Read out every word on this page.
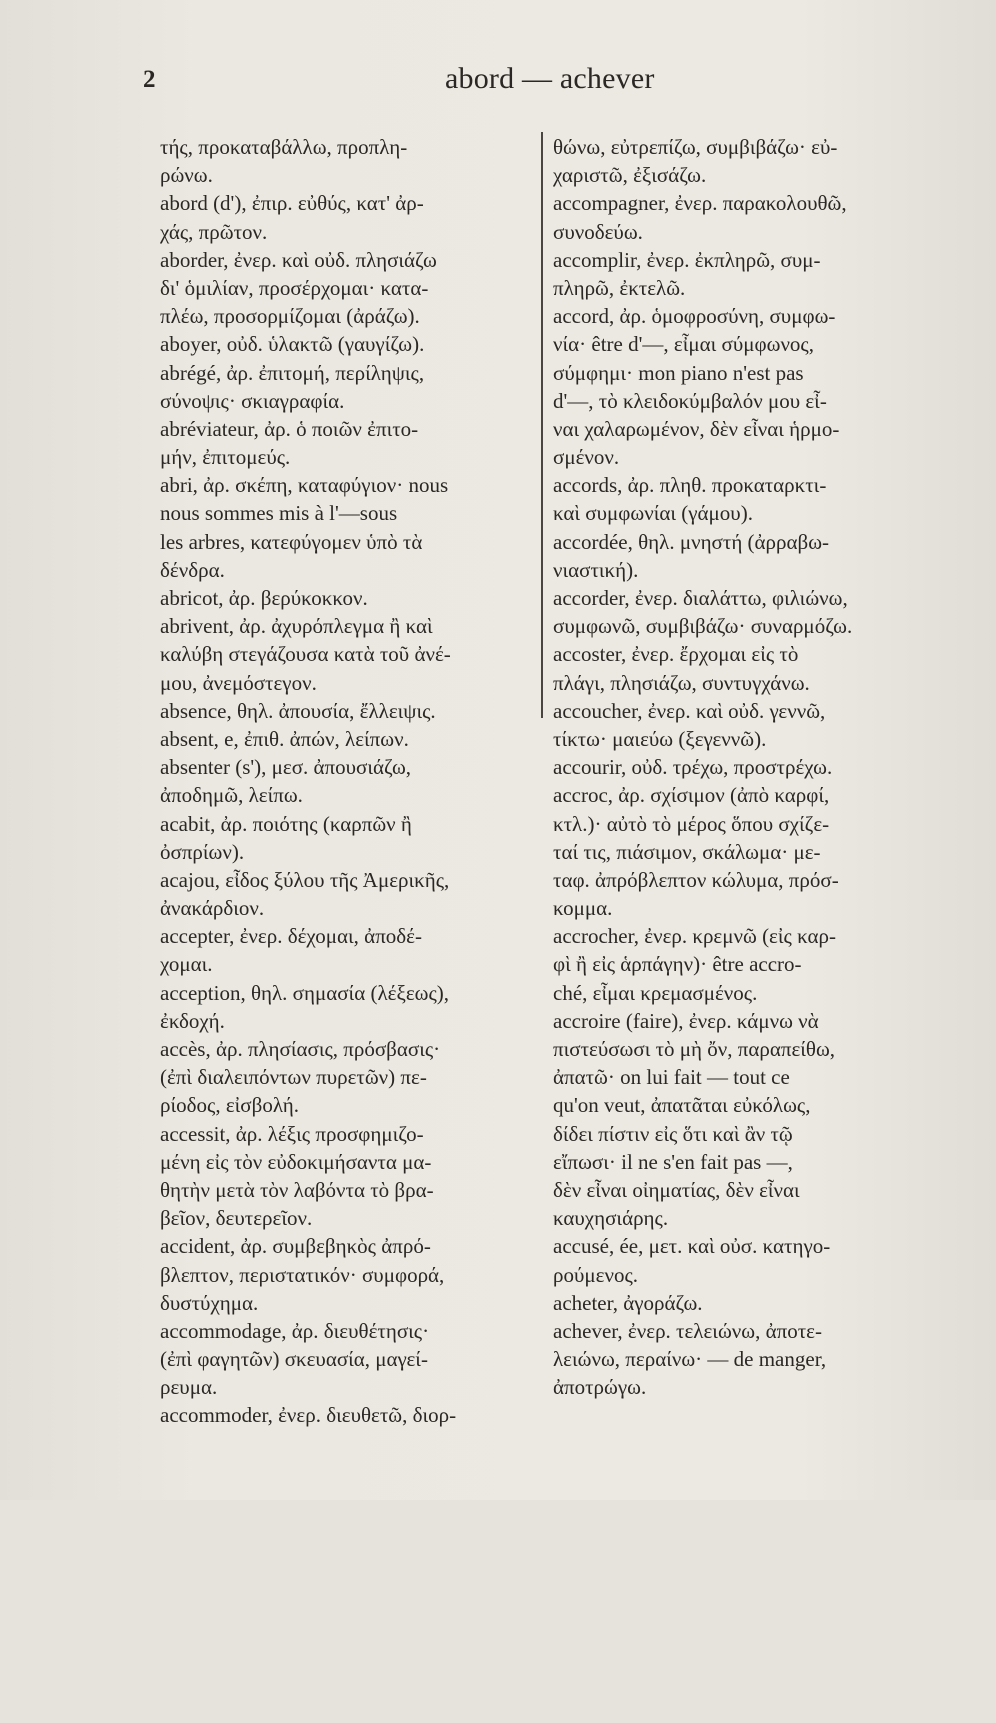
2	abord — achever
τής, προκαταβάλλω, προπλη-
ρώνω.
abord (d'), ἐπιρ. εὐθύς, κατ' ἀρ-
χάς, πρῶτον.
aborder, ἐνερ. καὶ οὐδ. πλησιάζω
δι' ὁμιλίαν, προσέρχομαι· κατα-
πλέω, προσορμίζομαι (ἀράζω).
aboyer, οὐδ. ὑλακτῶ (γαυγίζω).
abrégé, ἀρ. ἐπιτομή, περίληψις,
σύνοψις· σκιαγραφία.
abréviateur, ἀρ. ὁ ποιῶν ἐπιτο-
μήν, ἐπιτομεύς.
abri, ἀρ. σκέπη, καταφύγιον· nous
nous sommes mis à l'—sous
les arbres, κατεφύγομεν ὑπὸ τὰ
δένδρα.
abricot, ἀρ. βερύκοκκον.
abrivent, ἀρ. ἀχυρόπλεγμα ἢ καὶ
καλύβη στεγάζουσα κατὰ τοῦ ἀνέ-
μου, ἀνεμόστεγον.
absence, θηλ. ἀπουσία, ἔλλειψις.
absent, e, ἐπιθ. ἀπών, λείπων.
absenter (s'), μεσ. ἀπουσιάζω,
ἀποδημῶ, λείπω.
acabit, ἀρ. ποιότης (καρπῶν ἢ
ὀσπρίων).
acajou, εἶδος ξύλου τῆς Ἀμερικῆς,
ἀνακάρδιον.
accepter, ἐνερ. δέχομαι, ἀποδέ-
χομαι.
acception, θηλ. σημασία (λέξεως),
ἐκδοχή.
accès, ἀρ. πλησίασις, πρόσβασις·
(ἐπὶ διαλειπόντων πυρετῶν) πε-
ρίοδος, εἰσβολή.
accessit, ἀρ. λέξις προσφημιζο-
μένη εἰς τὸν εὐδοκιμήσαντα μα-
θητὴν μετὰ τὸν λαβόντα τὸ βρα-
βεῖον, δευτερεῖον.
accident, ἀρ. συμβεβηκὸς ἀπρό-
βλεπτον, περιστατικόν· συμφορά,
δυστύχημα.
accommodage, ἀρ. διευθέτησις·
(ἐπὶ φαγητῶν) σκευασία, μαγεί-
ρευμα.
accommoder, ἐνερ. διευθετῶ, διορ-
θώνω, εὐτρεπίζω, συμβιβάζω· εὐ-
χαριστῶ, ἐξισάζω.
accompagner, ἐνερ. παρακολουθῶ,
συνοδεύω.
accomplir, ἐνερ. ἐκπληρῶ, συμ-
πληρῶ, ἐκτελῶ.
accord, ἀρ. ὁμοφροσύνη, συμφω-
νία· être d'—, εἶμαι σύμφωνος,
σύμφημι· mon piano n'est pas
d'—, τὸ κλειδοκύμβαλόν μου εἶ-
ναι χαλαρωμένον, δὲν εἶναι ἡρμο-
σμένον.
accords, ἀρ. πληθ. προκαταρκτι-
καὶ συμφωνίαι (γάμου).
accordée, θηλ. μνηστή (ἀρραβω-
νιαστική).
accorder, ἐνερ. διαλάττω, φιλιώνω,
συμφωνῶ, συμβιβάζω· συναρμόζω.
accoster, ἐνερ. ἔρχομαι εἰς τὸ
πλάγι, πλησιάζω, συντυγχάνω.
accoucher, ἐνερ. καὶ οὐδ. γεννῶ,
τίκτω· μαιεύω (ξεγεννῶ).
accourir, οὐδ. τρέχω, προστρέχω.
accroc, ἀρ. σχίσιμον (ἀπὸ καρφί,
κτλ.)· αὐτὸ τὸ μέρος ὅπου σχίζε-
ταί τις, πιάσιμον, σκάλωμα· με-
ταφ. ἀπρόβλεπτον κώλυμα, πρόσ-
κομμα.
accrocher, ἐνερ. κρεμνῶ (εἰς καρ-
φὶ ἢ εἰς ἁρπάγην)· être accro-
ché, εἶμαι κρεμασμένος.
accroire (faire), ἐνερ. κάμνω νὰ
πιστεύσωσι τὸ μὴ ὄν, παραπείθω,
ἀπατῶ· on lui fait — tout ce
qu'on veut, ἀπατᾶται εὐκόλως,
δίδει πίστιν εἰς ὅτι καὶ ἂν τῷ
εἴπωσι· il ne s'en fait pas —,
δὲν εἶναι οἰηματίας, δὲν εἶναι
καυχησιάρης.
accusé, ée, μετ. καὶ οὐσ. κατηγο-
ρούμενος.
acheter, ἀγοράζω.
achever, ἐνερ. τελειώνω, ἀποτε-
λειώνω, περαίνω· — de manger,
ἀποτρώγω.
